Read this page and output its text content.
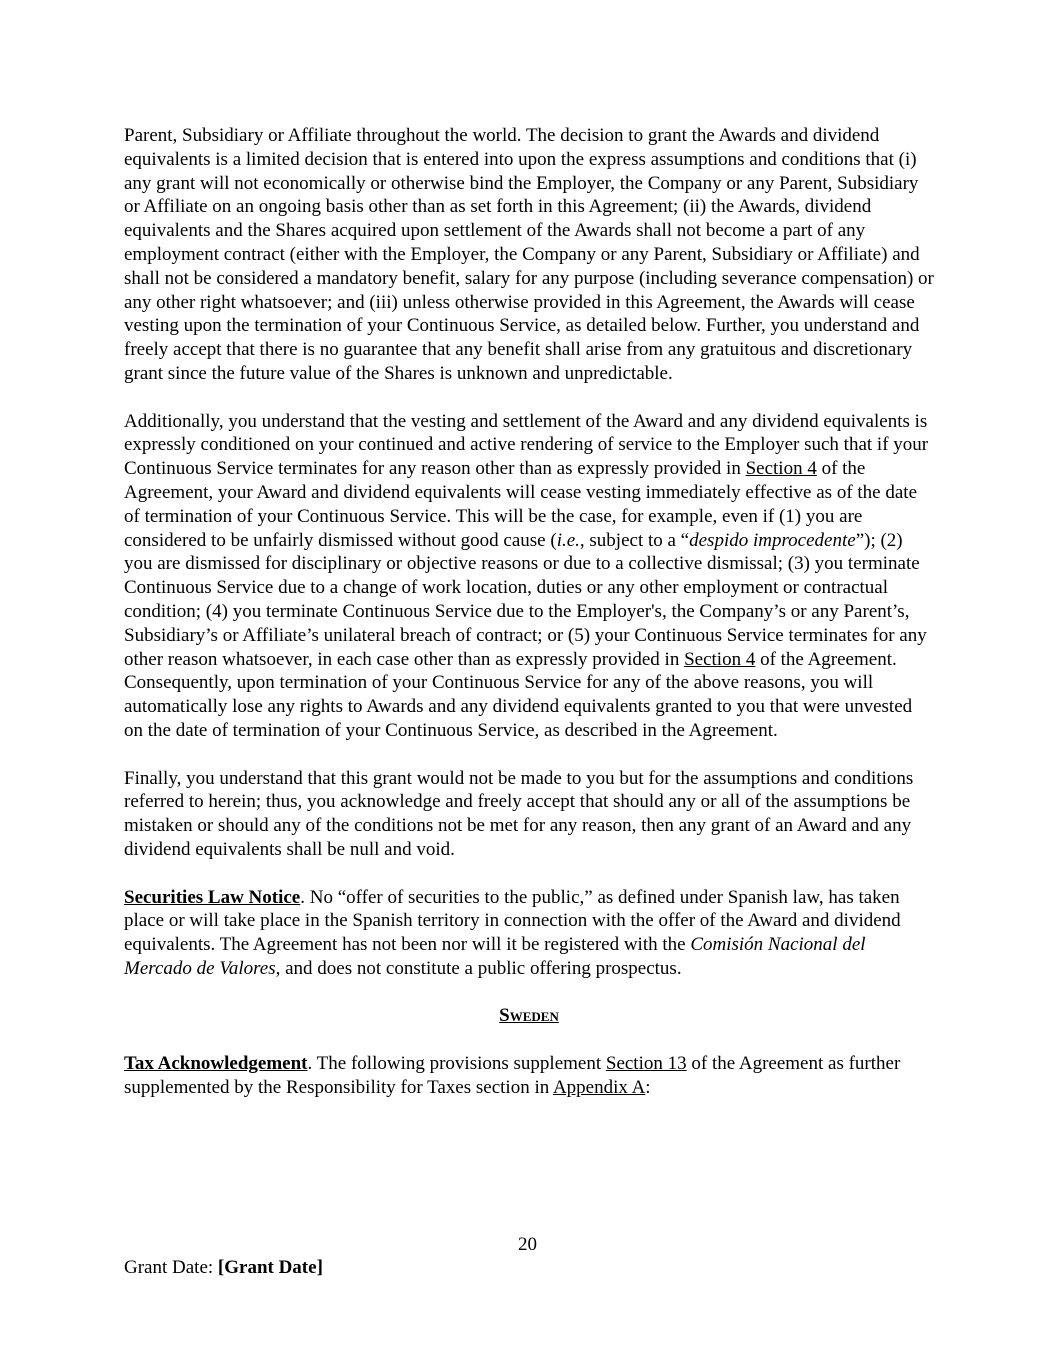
Parent, Subsidiary or Affiliate throughout the world. The decision to grant the Awards and dividend equivalents is a limited decision that is entered into upon the express assumptions and conditions that (i) any grant will not economically or otherwise bind the Employer, the Company or any Parent, Subsidiary or Affiliate on an ongoing basis other than as set forth in this Agreement; (ii) the Awards, dividend equivalents and the Shares acquired upon settlement of the Awards shall not become a part of any employment contract (either with the Employer, the Company or any Parent, Subsidiary or Affiliate) and shall not be considered a mandatory benefit, salary for any purpose (including severance compensation) or any other right whatsoever; and (iii) unless otherwise provided in this Agreement, the Awards will cease vesting upon the termination of your Continuous Service, as detailed below. Further, you understand and freely accept that there is no guarantee that any benefit shall arise from any gratuitous and discretionary grant since the future value of the Shares is unknown and unpredictable.

Additionally, you understand that the vesting and settlement of the Award and any dividend equivalents is expressly conditioned on your continued and active rendering of service to the Employer such that if your Continuous Service terminates for any reason other than as expressly provided in Section 4 of the Agreement, your Award and dividend equivalents will cease vesting immediately effective as of the date of termination of your Continuous Service. This will be the case, for example, even if (1) you are considered to be unfairly dismissed without good cause (i.e., subject to a “despido improcedente”); (2) you are dismissed for disciplinary or objective reasons or due to a collective dismissal; (3) you terminate Continuous Service due to a change of work location, duties or any other employment or contractual condition; (4) you terminate Continuous Service due to the Employer's, the Company’s or any Parent’s, Subsidiary’s or Affiliate’s unilateral breach of contract; or (5) your Continuous Service terminates for any other reason whatsoever, in each case other than as expressly provided in Section 4 of the Agreement. Consequently, upon termination of your Continuous Service for any of the above reasons, you will automatically lose any rights to Awards and any dividend equivalents granted to you that were unvested on the date of termination of your Continuous Service, as described in the Agreement.

Finally, you understand that this grant would not be made to you but for the assumptions and conditions referred to herein; thus, you acknowledge and freely accept that should any or all of the assumptions be mistaken or should any of the conditions not be met for any reason, then any grant of an Award and any dividend equivalents shall be null and void.

Securities Law Notice. No “offer of securities to the public,” as defined under Spanish law, has taken place or will take place in the Spanish territory in connection with the offer of the Award and dividend equivalents. The Agreement has not been nor will it be registered with the Comisión Nacional del Mercado de Valores, and does not constitute a public offering prospectus.

Sweden

Tax Acknowledgement. The following provisions supplement Section 13 of the Agreement as further supplemented by the Responsibility for Taxes section in Appendix A:

20
Grant Date: [Grant Date]
